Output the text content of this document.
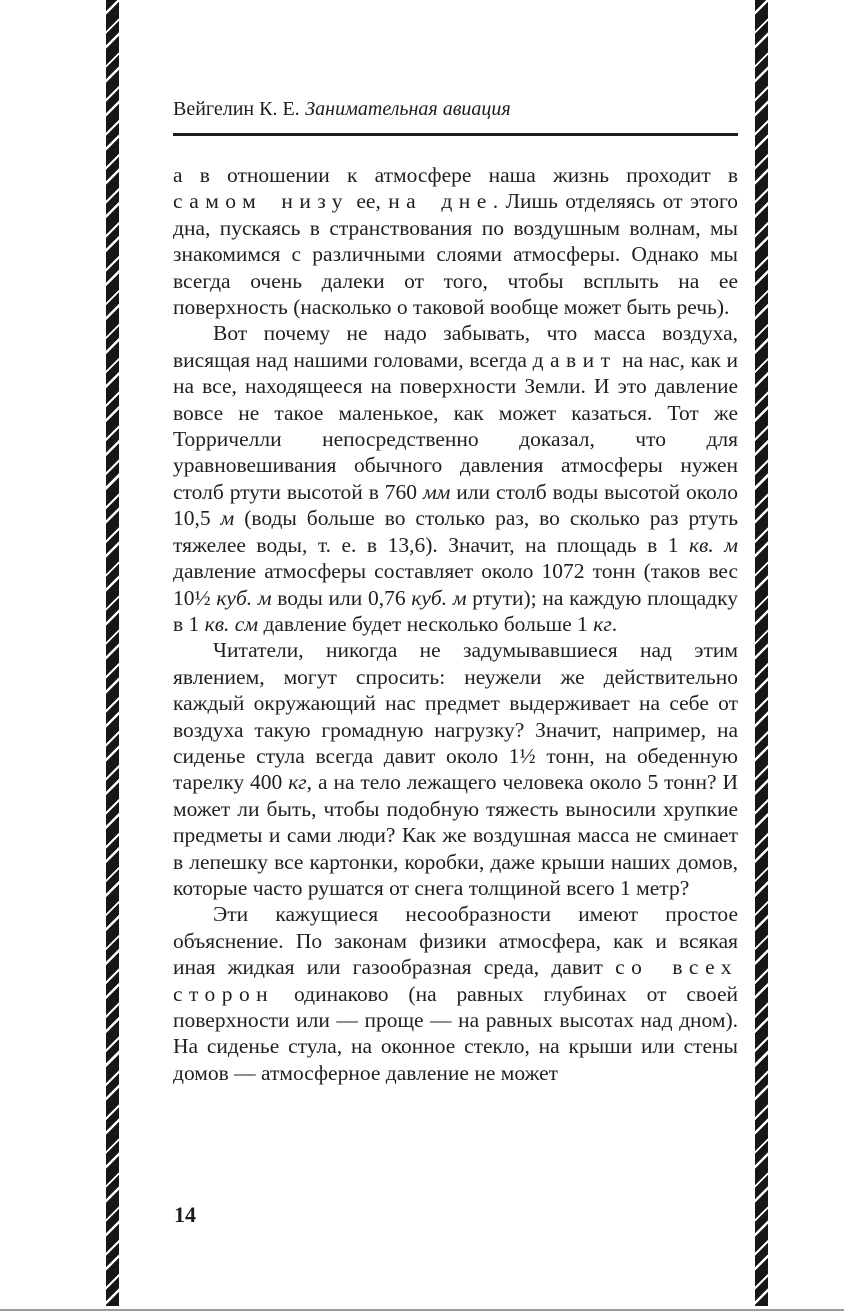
Вейгелин К. Е. Занимательная авиация

а в отношении к атмосфере наша жизнь проходит в самом низу ее, на дне. Лишь отделяясь от этого дна, пускаясь в странствования по воздушным волнам, мы знакомимся с различными слоями атмосферы. Однако мы всегда очень далеки от того, чтобы всплыть на ее поверхность (насколько о таковой вообще может быть речь).

Вот почему не надо забывать, что масса воздуха, висящая над нашими головами, всегда давит на нас, как и на все, находящееся на поверхности Земли. И это давление вовсе не такое маленькое, как может казаться. Тот же Торричелли непосредственно доказал, что для уравновешивания обычного давления атмосферы нужен столб ртути высотой в 760 мм или столб воды высотой около 10,5 м (воды больше во столько раз, во сколько раз ртуть тяжелее воды, т. е. в 13,6). Значит, на площадь в 1 кв. м давление атмосферы составляет около 1072 тонн (таков вес 10½ куб. м воды или 0,76 куб. м ртути); на каждую площадку в 1 кв. см давление будет несколько больше 1 кг.

Читатели, никогда не задумывавшиеся над этим явлением, могут спросить: неужели же действительно каждый окружающий нас предмет выдерживает на себе от воздуха такую громадную нагрузку? Значит, например, на сиденье стула всегда давит около 1½ тонн, на обеденную тарелку 400 кг, а на тело лежащего человека около 5 тонн? И может ли быть, чтобы подобную тяжесть выносили хрупкие предметы и сами люди? Как же воздушная масса не сминает в лепешку все картонки, коробки, даже крыши наших домов, которые часто рушатся от снега толщиной всего 1 метр?

Эти кажущиеся несообразности имеют простое объяснение. По законам физики атмосфера, как и всякая иная жидкая или газообразная среда, давит со всех сторон одинаково (на равных глубинах от своей поверхности или — проще — на равных высотах над дном). На сиденье стула, на оконное стекло, на крыши или стены домов — атмосферное давление не может

14
